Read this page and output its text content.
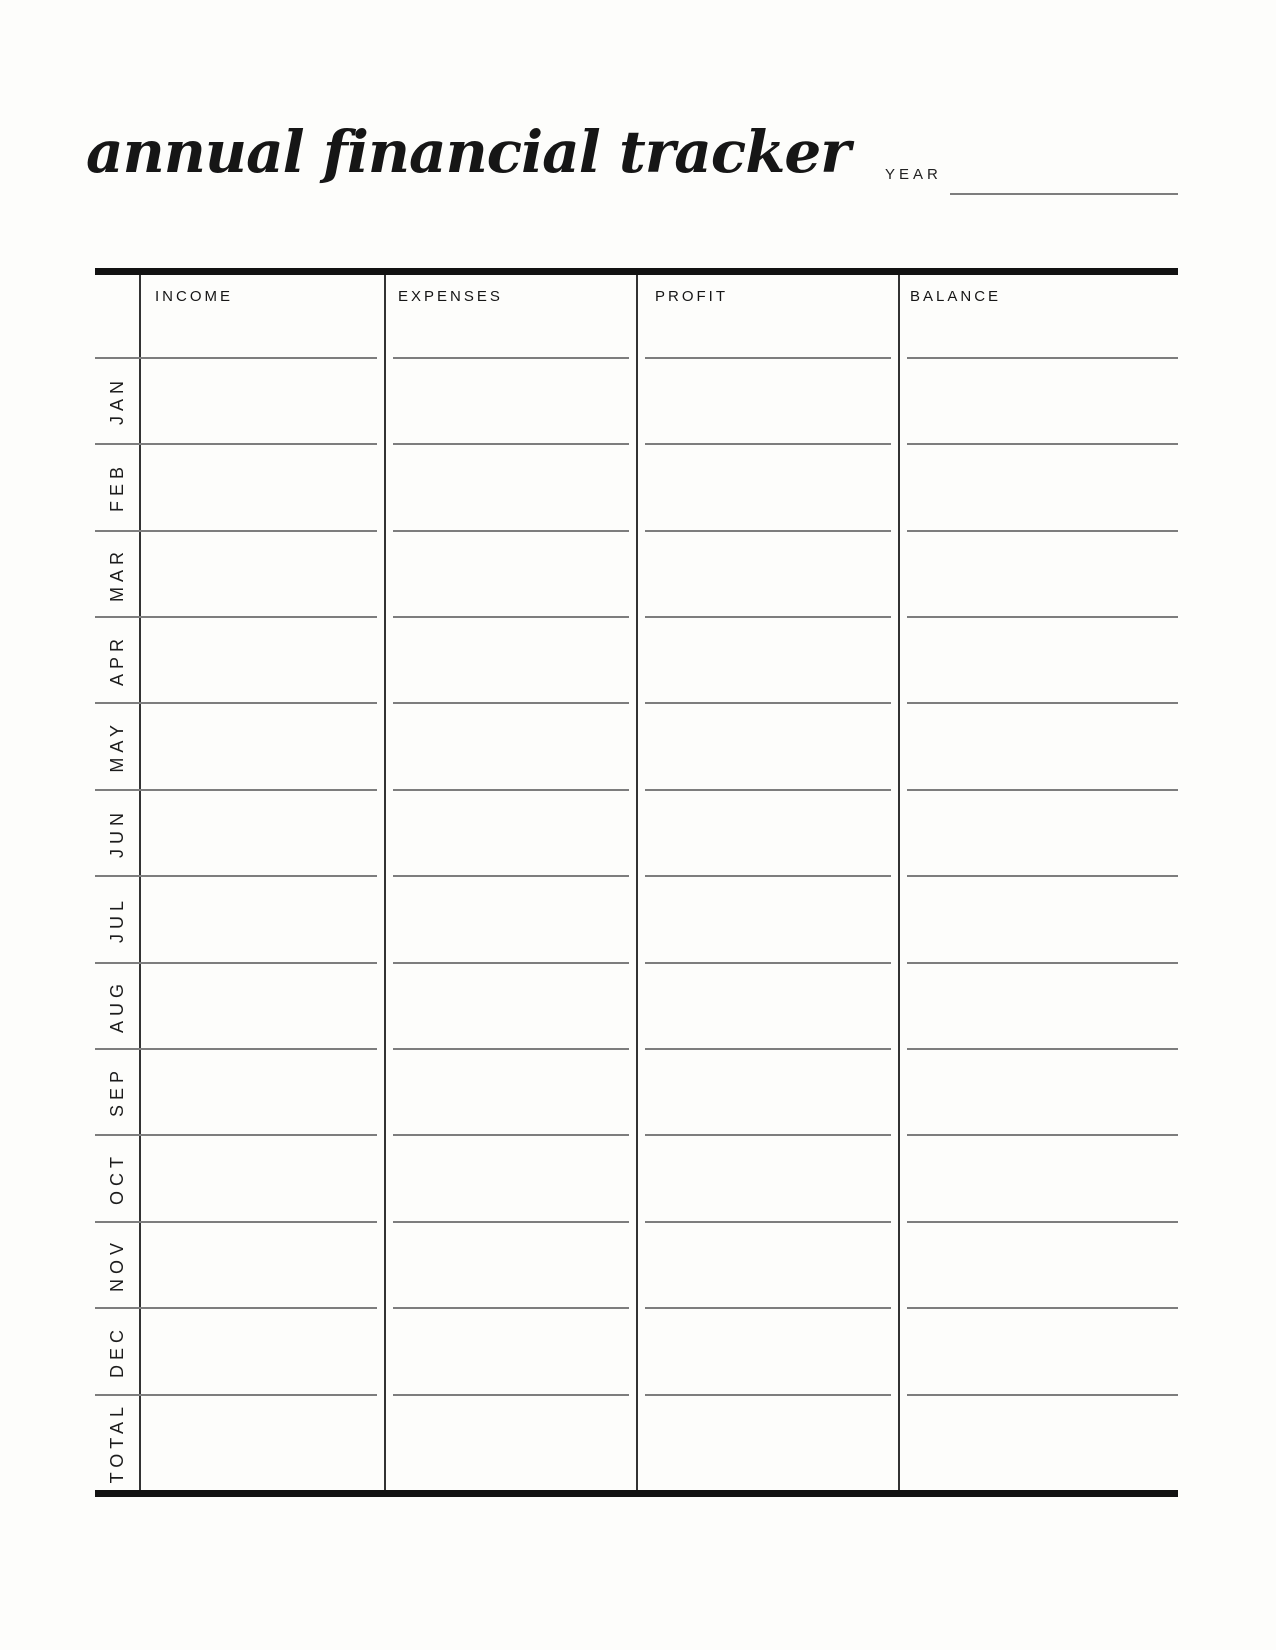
annual financial tracker YEAR
INCOME	EXPENSES	PROFIT	BALANCE
JAN
FEB
MAR
APR
MAY
JUN
JUL
AUG
SEP
OCT
NOV
DEC
TOTAL
